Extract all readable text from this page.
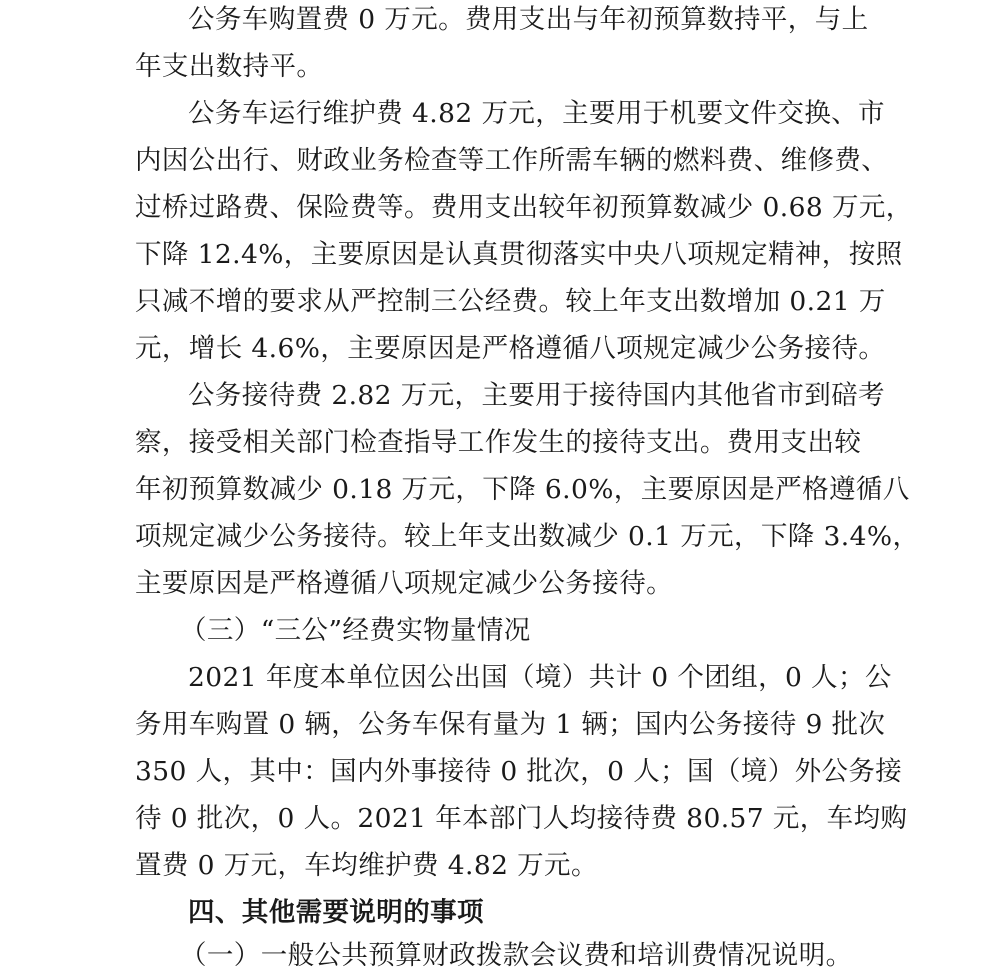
公务车购置费 0 万元。费用支出与年初预算数持平，与上
年支出数持平。
公务车运行维护费 4.82 万元，主要用于机要文件交换、市
内因公出行、财政业务检查等工作所需车辆的燃料费、维修费、
过桥过路费、保险费等。费用支出较年初预算数减少 0.68 万元，
下降 12.4%，主要原因是认真贯彻落实中央八项规定精神，按照
只减不增的要求从严控制三公经费。较上年支出数增加 0.21 万
元，增长 4.6%，主要原因是严格遵循八项规定减少公务接待。
公务接待费 2.82 万元，主要用于接待国内其他省市到碚考
察，接受相关部门检查指导工作发生的接待支出。费用支出较
年初预算数减少 0.18 万元，下降 6.0%，主要原因是严格遵循八
项规定减少公务接待。较上年支出数减少 0.1 万元，下降 3.4%，
主要原因是严格遵循八项规定减少公务接待。
（三）“三公”经费实物量情况
2021 年度本单位因公出国（境）共计 0 个团组，0 人；公
务用车购置 0 辆，公务车保有量为 1 辆；国内公务接待 9 批次
350 人，其中：国内外事接待 0 批次，0 人；国（境）外公务接
待 0 批次，0 人。2021 年本部门人均接待费 80.57 元，车均购
置费 0 万元，车均维护费 4.82 万元。
四、其他需要说明的事项
（一）一般公共预算财政拨款会议费和培训费情况说明。
